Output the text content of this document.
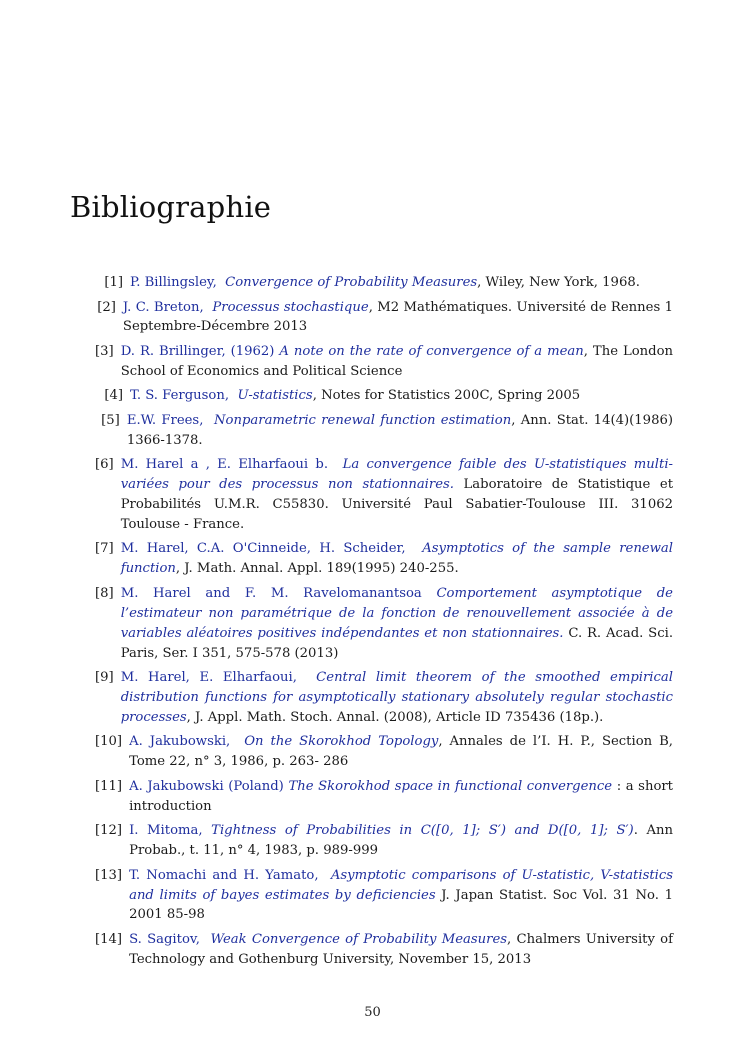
Bibliographie
[1] P. Billingsley, Convergence of Probability Measures, Wiley, New York, 1968.
[2] J. C. Breton, Processus stochastique, M2 Mathématiques. Université de Rennes 1 Septembre-Décembre 2013
[3] D. R. Brillinger, (1962) A note on the rate of convergence of a mean, The London School of Economics and Political Science
[4] T. S. Ferguson, U-statistics, Notes for Statistics 200C, Spring 2005
[5] E.W. Frees, Nonparametric renewal function estimation, Ann. Stat. 14(4)(1986) 1366-1378.
[6] M. Harel a , E. Elharfaoui b. La convergence faible des U-statistiques multi-variées pour des processus non stationnaires. Laboratoire de Statistique et Probabilités U.M.R. C55830. Université Paul Sabatier-Toulouse III. 31062 Toulouse - France.
[7] M. Harel, C.A. O'Cinneide, H. Scheider, Asymptotics of the sample renewal function, J. Math. Annal. Appl. 189(1995) 240-255.
[8] M. Harel and F. M. Ravelomanantsoa Comportement asymptotique de l’estimateur non paramétrique de la fonction de renouvellement associée à de variables aléatoires positives indépendantes et non stationnaires. C. R. Acad. Sci. Paris, Ser. I 351, 575-578 (2013)
[9] M. Harel, E. Elharfaoui, Central limit theorem of the smoothed empirical distribution functions for asymptotically stationary absolutely regular stochastic processes, J. Appl. Math. Stoch. Annal. (2008), Article ID 735436 (18p.).
[10] A. Jakubowski, On the Skorokhod Topology, Annales de l’I. H. P., Section B, Tome 22, n° 3, 1986, p. 263- 286
[11] A. Jakubowski (Poland) The Skorokhod space in functional convergence : a short introduction
[12] I. Mitoma, Tightness of Probabilities in C([0, 1]; S′) and D([0, 1]; S′). Ann Probab., t. 11, n° 4, 1983, p. 989-999
[13] T. Nomachi and H. Yamato, Asymptotic comparisons of U-statistic, V-statistics and limits of bayes estimates by deficiencies J. Japan Statist. Soc Vol. 31 No. 1 2001 85-98
[14] S. Sagitov, Weak Convergence of Probability Measures, Chalmers University of Technology and Gothenburg University, November 15, 2013
50
